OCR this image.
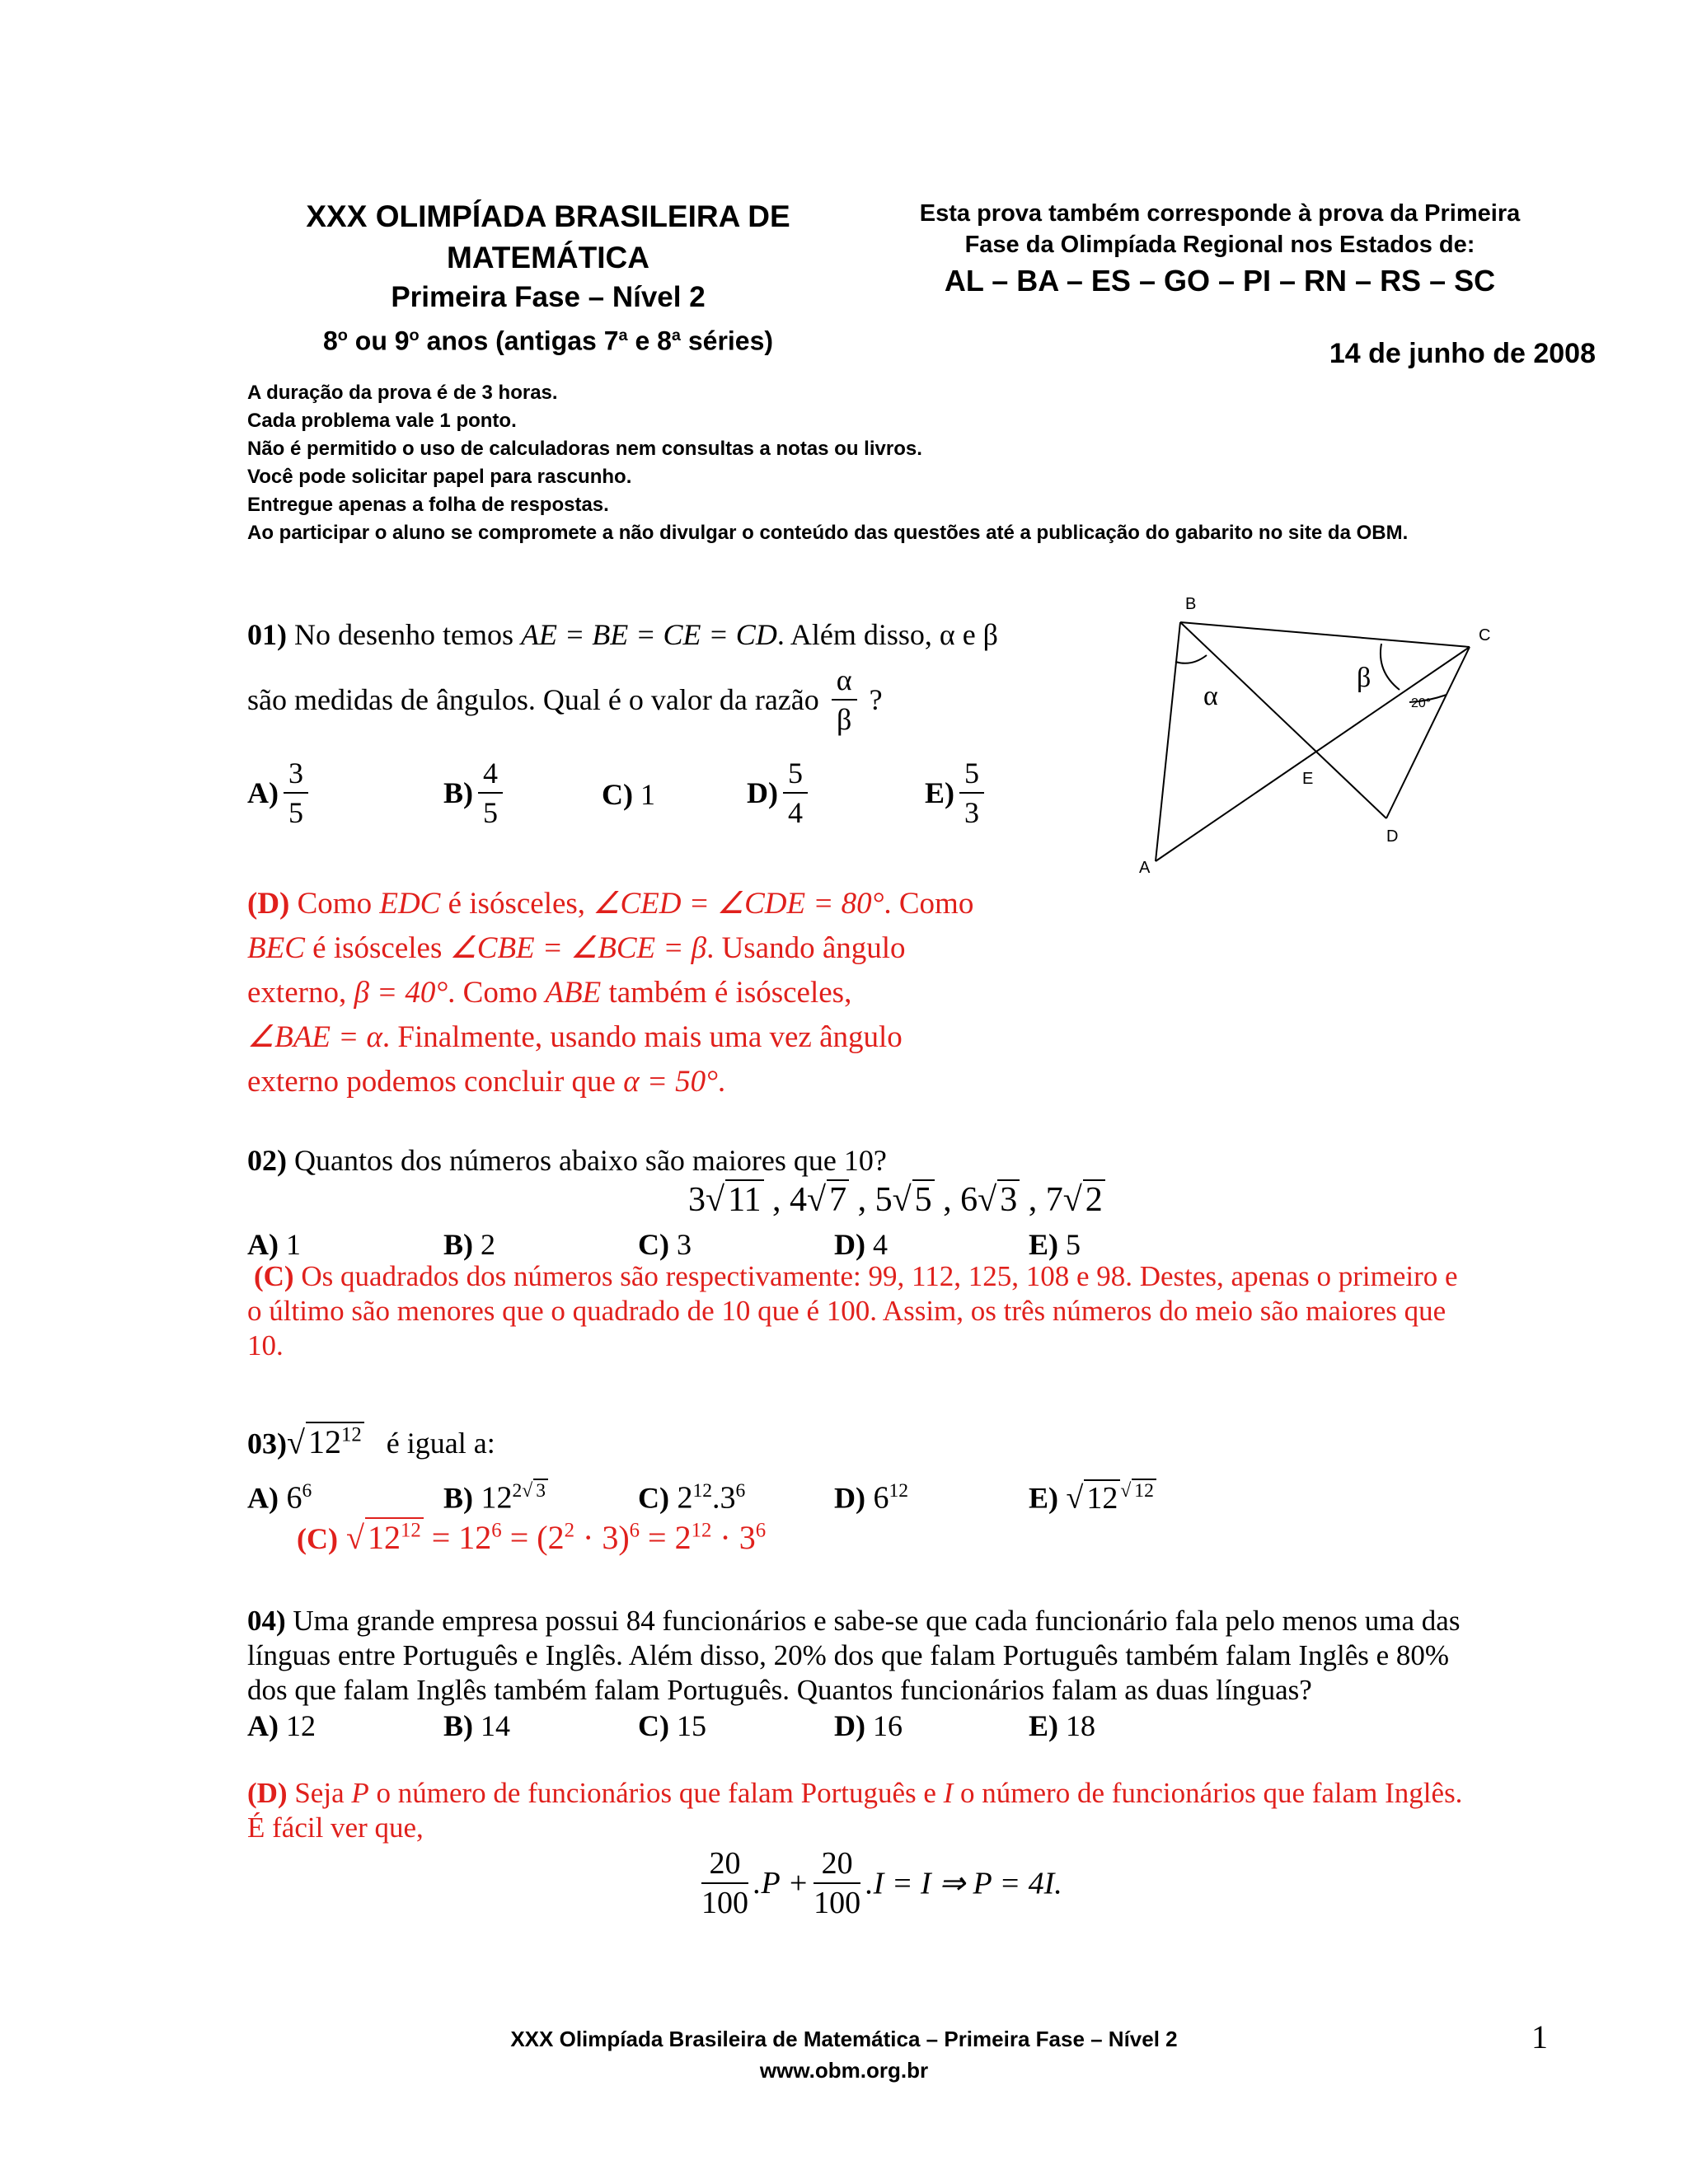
XXX OLIMPÍADA BRASILEIRA DE MATEMÁTICA
Primeira Fase – Nível 2
8$^o$ ou 9$^o$ anos (antigas 7$^a$ e 8$^a$ séries)
Esta prova também corresponde à prova da Primeira
Fase da Olimpíada Regional nos Estados de:
AL – BA – ES – GO – PI – RN – RS – SC
14 de junho de 2008
A duração da prova é de 3 horas.
Cada problema vale 1 ponto.
Não é permitido o uso de calculadoras nem consultas a notas ou livros.
Você pode solicitar papel para rascunho.
Entregue apenas a folha de respostas.
Ao participar o aluno se compromete a não divulgar o conteúdo das questões até a publicação do gabarito no site da OBM.
01) No desenho temos AE = BE = CE = CD. Além disso, α e β
são medidas de ângulos. Qual é o valor da razão $\frac{\alpha}{\beta}$ ?
$A) \frac{3}{5}$	$B) \frac{4}{5}$	C) 1	$D) \frac{5}{4}$	$E) \frac{5}{3}$
B
C
A
D
E
α
β
20°
(D) Como EDC é isósceles, ∠CED = ∠CDE = 80°. Como
BEC é isósceles ∠CBE = ∠BCE = β. Usando ângulo
externo, β = 40°. Como ABE também é isósceles,
∠BAE = α. Finalmente, usando mais uma vez ângulo
externo podemos concluir que α = 50°.
02) Quantos dos números abaixo são maiores que 10?
3√11 , 4√7 , 5√5 , 6√3 , 7√2
A) 1	B) 2	C) 3	D) 4	E) 5
(C) Os quadrados dos números são respectivamente: 99, 112, 125, 108 e 98. Destes, apenas o primeiro e
o último são menores que o quadrado de 10 que é 100. Assim, os três números do meio são maiores que
10.
03)√ $12^{12}$ é igual a:
A) $6^6$	B) $12^{2√ 3}$	C) $2^{12}.3^6$	D) $6^{12}$	E) √ 12 $^{√ 12}$
(C) √ $12^{12} = 12^6 = (2^2 \cdot 3)^6 = 2^{12} \cdot 3^6$
04) Uma grande empresa possui 84 funcionários e sabe-se que cada funcionário fala pelo menos uma das
línguas entre Português e Inglês. Além disso, 20% dos que falam Português também falam Inglês e 80%
dos que falam Inglês também falam Português. Quantos funcionários falam as duas línguas?
A) 12	B) 14	C) 15	D) 16	E) 18
(D) Seja P o número de funcionários que falam Português e I o número de funcionários que falam Inglês.
É fácil ver que,
$\frac{20}{100} .P + \frac{20}{100} .I = I$ ⇒ P = 4I.
XXX Olimpíada Brasileira de Matemática – Primeira Fase – Nível 2
www.obm.org.br
1
